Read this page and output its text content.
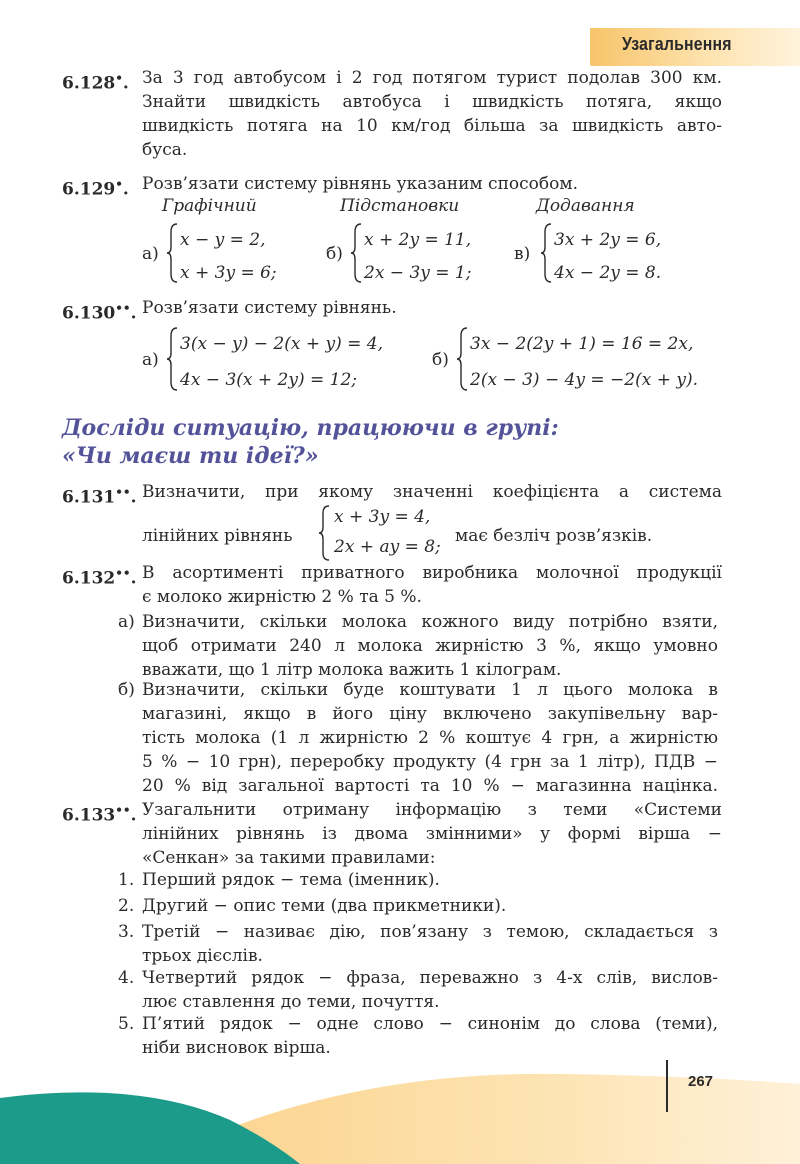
Узагальнення
6.128•. За 3 год автобусом і 2 год потягом турист подолав 300 км.
Знайти швидкість автобуса і швидкість потяга, якщо
швидкість потяга на 10 км/год більша за швидкість авто-
буса.
6.129•. Розв’язати систему рівнянь указаним способом.
Графічний	Підстановки	Додавання
а)
x − y = 2,
x + 3y = 6;
б)
x + 2y = 11,
2x − 3y = 1;
в)
3x + 2y = 6,
4x − 2y = 8.
6.130••. Розв’язати систему рівнянь.
а)
3(x − y) − 2(x + y) = 4,
4x − 3(x + 2y) = 12;
б)
3x − 2(2y + 1) = 16 = 2x,
2(x − 3) − 4y = −2(x + y).
Досліди ситуацію, працюючи в групі:
«Чи маєш ти ідеї?»
6.131••. Визначити, при якому значенні коефіцієнта a система
лінійних рівнянь
x + 3y = 4,
2x + ay = 8;
має безліч розв’язків.
6.132••. В асортименті приватного виробника молочної продукції
є молоко жирністю 2 % та 5 %.
а) Визначити, скільки молока кожного виду потрібно взяти,
щоб отримати 240 л молока жирністю 3 %, якщо умовно
вважати, що 1 літр молока важить 1 кілограм.
б) Визначити, скільки буде коштувати 1 л цього молока в
магазині, якщо в його ціну включено закупівельну вар-
тість молока (1 л жирністю 2 % коштує 4 грн, а жирністю
5 % − 10 грн), переробку продукту (4 грн за 1 літр), ПДВ −
20 % від загальної вартості та 10 % − магазинна націнка.
6.133••. Узагальнити отриману інформацію з теми «Системи
лінійних рівнянь із двома змінними» у формі вірша −
«Сенкан» за такими правилами:
1. Перший рядок − тема (іменник).
2. Другий − опис теми (два прикметники).
3. Третій − називає дію, пов’язану з темою, складається з
трьох дієслів.
4. Четвертий рядок − фраза, переважно з 4-х слів, вислов-
лює ставлення до теми, почуття.
5. П’ятий рядок − одне слово − синонім до слова (теми),
ніби висновок вірша.
267
